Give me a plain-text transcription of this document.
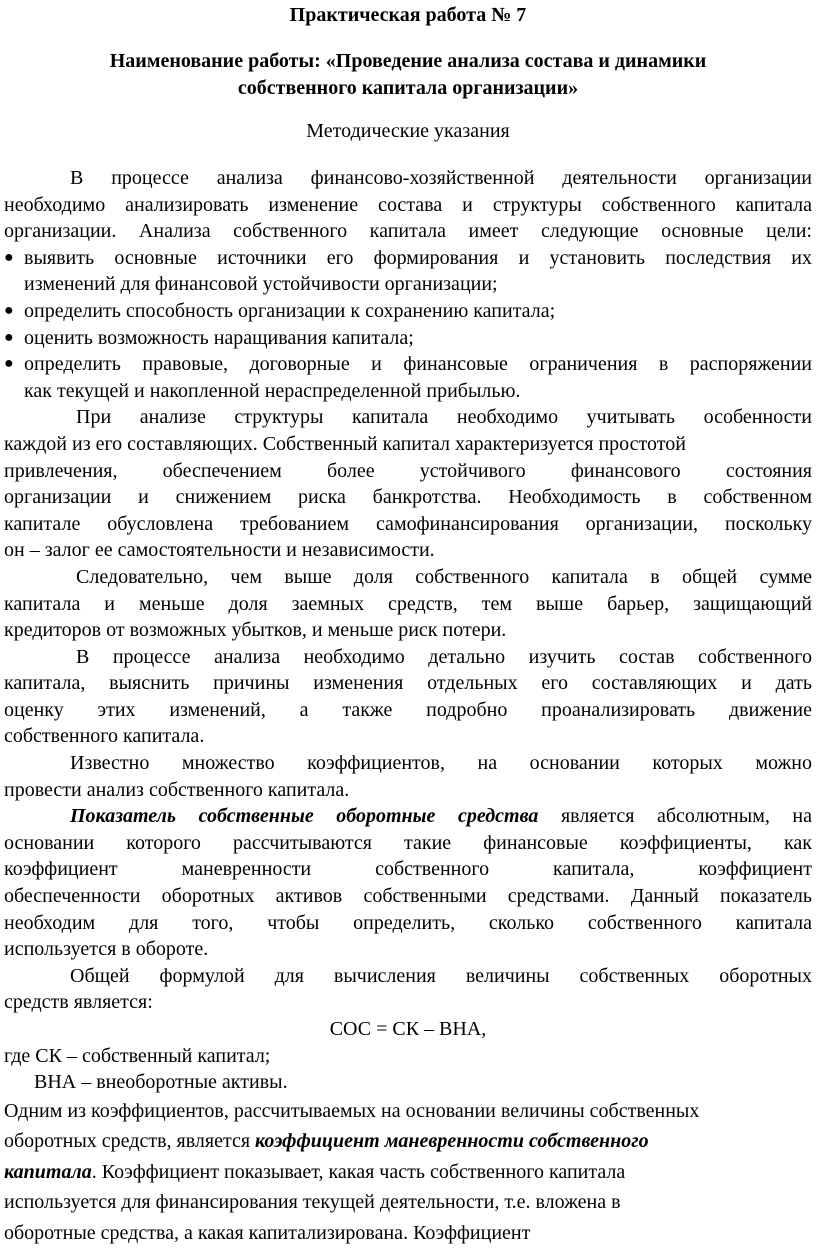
Практическая работа № 7
Наименование работы: «Проведение анализа состава и динамики
собственного капитала организации»
Методические указания
В процессе анализа финансово-хозяйственной деятельности организации
необходимо анализировать изменение состава и структуры собственного капитала
организации. Анализа собственного капитала имеет следующие основные цели:
● выявить основные источники его формирования и установить последствия их
изменений для финансовой устойчивости организации;
● определить способность организации к сохранению капитала;
● оценить возможность наращивания капитала;
● определить правовые, договорные и финансовые ограничения в распоряжении
как текущей и накопленной нераспределенной прибылью.
При анализе структуры капитала необходимо учитывать особенности
каждой из его составляющих. Собственный капитал характеризуется простотой
привлечения, обеспечением более устойчивого финансового состояния
организации и снижением риска банкротства. Необходимость в собственном
капитале обусловлена требованием самофинансирования организации, поскольку
он – залог ее самостоятельности и независимости.
Следовательно, чем выше доля собственного капитала в общей сумме
капитала и меньше доля заемных средств, тем выше барьер, защищающий
кредиторов от возможных убытков, и меньше риск потери.
В процессе анализа необходимо детально изучить состав собственного
капитала, выяснить причины изменения отдельных его составляющих и дать
оценку этих изменений, а также подробно проанализировать движение
собственного капитала.
Известно множество коэффициентов, на основании которых можно
провести анализ собственного капитала.
Показатель собственные оборотные средства является абсолютным, на
основании которого рассчитываются такие финансовые коэффициенты, как
коэффициент маневренности собственного капитала, коэффициент
обеспеченности оборотных активов собственными средствами. Данный показатель
необходим для того, чтобы определить, сколько собственного капитала
используется в обороте.
Общей формулой для вычисления величины собственных оборотных
средств является:
СОС = СК – ВНА,
где СК – собственный капитал;
ВНА – внеоборотные активы.
Одним из коэффициентов, рассчитываемых на основании величины собственных
оборотных средств, является коэффициент маневренности собственного
капитала. Коэффициент показывает, какая часть собственного капитала
используется для финансирования текущей деятельности, т.е. вложена в
оборотные средства, а какая капитализирована. Коэффициент
